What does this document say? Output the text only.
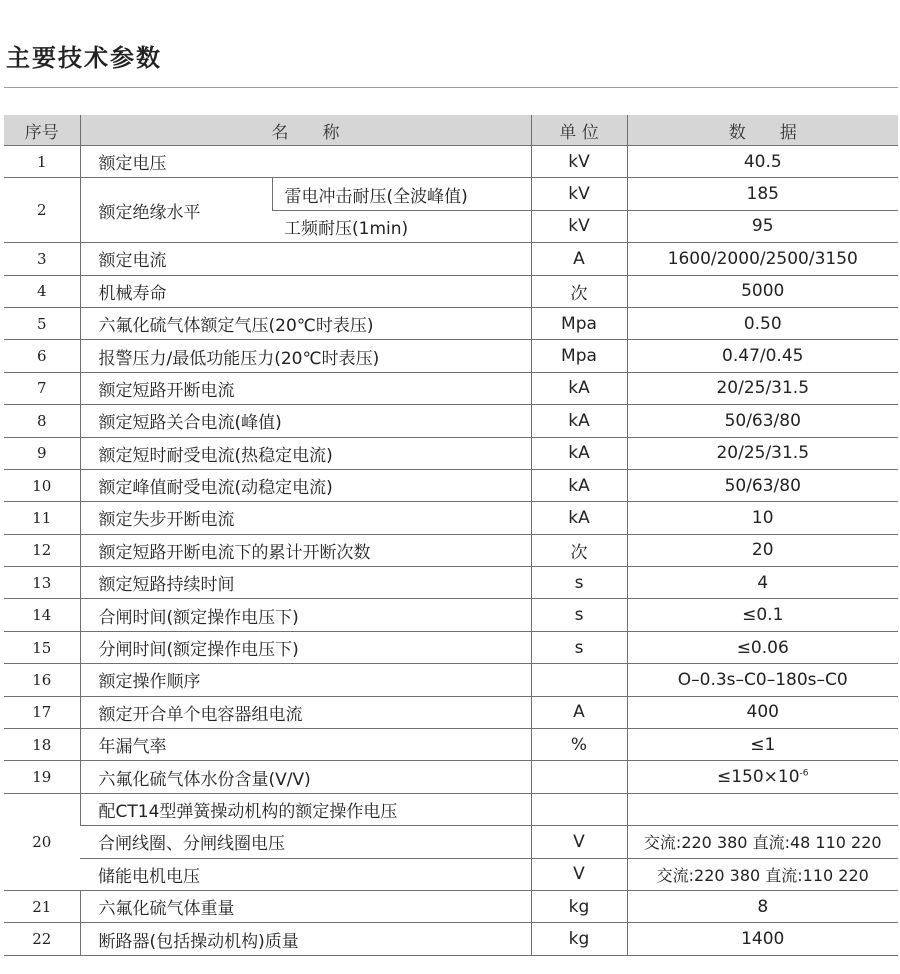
主要技术参数
序号	名　　称		单 位	数　　据
1	额定电压		kV	40.5
2	额定绝缘水平	雷电冲击耐压(全波峰值)	kV	185
		工频耐压(1min)	kV	95
3	额定电流		A	1600/2000/2500/3150
4	机械寿命		次	5000
5	六氟化硫气体额定气压(20℃时表压)		Mpa	0.50
6	报警压力/最低功能压力(20℃时表压)		Mpa	0.47/0.45
7	额定短路开断电流		kA	20/25/31.5
8	额定短路关合电流(峰值)		kA	50/63/80
9	额定短时耐受电流(热稳定电流)		kA	20/25/31.5
10	额定峰值耐受电流(动稳定电流)		kA	50/63/80
11	额定失步开断电流		kA	10
12	额定短路开断电流下的累计开断次数		次	20
13	额定短路持续时间		s	4
14	合闸时间(额定操作电压下)		s	≤0.1
15	分闸时间(额定操作电压下)		s	≤0.06
16	额定操作顺序			O–0.3s–C0–180s–C0
17	额定开合单个电容器组电流		A	400
18	年漏气率		%	≤1
19	六氟化硫气体水份含量(V/V)			$\le 150\times 10^{-6}$
20	配CT14型弹簧操动机构的额定操作电压			
	合闸线圈、分闸线圈电压		V	交流:220 380 直流:48 110 220
	储能电机电压		V	交流:220 380 直流:110 220
21	六氟化硫气体重量		kg	8
22	断路器(包括操动机构)质量		kg	1400
